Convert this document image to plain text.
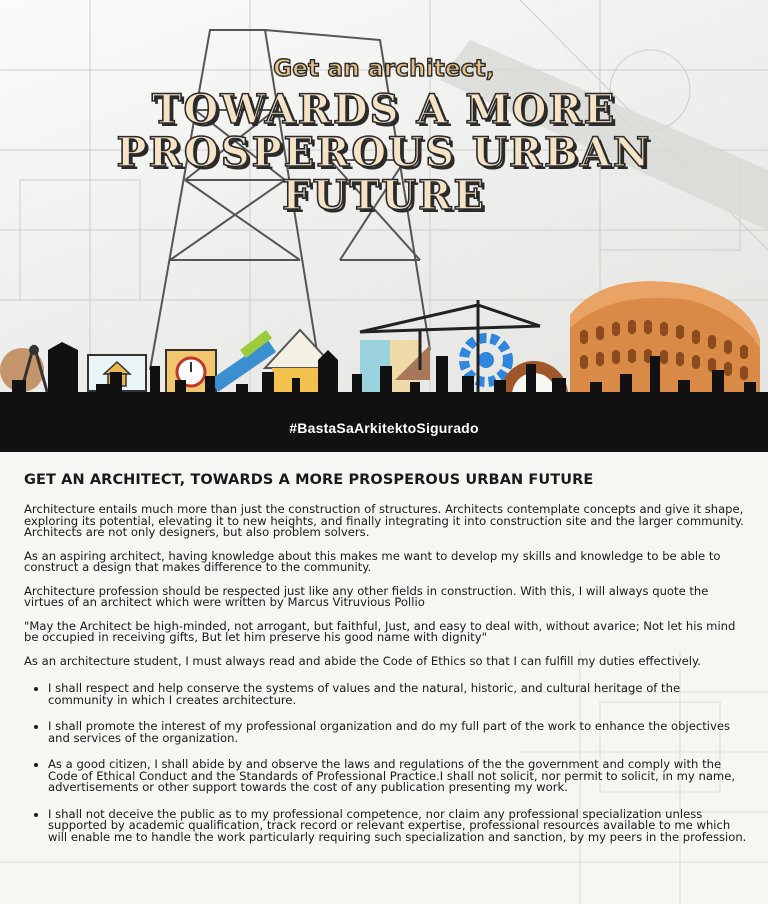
Get an architect,
TOWARDS A MORE
PROSPEROUS URBAN
FUTURE
#BastaSaArkitektoSigurado
GET AN ARCHITECT, TOWARDS A MORE PROSPEROUS URBAN FUTURE

Architecture entails much more than just the construction of structures. Architects contemplate concepts and give it shape, exploring its potential, elevating it to new heights, and finally integrating it into construction site and the larger community. Architects are not only designers, but also problem solvers.

As an aspiring architect, having knowledge about this makes me want to develop my skills and knowledge to be able to construct a design that makes difference to the community.

Architecture profession should be respected just like any other fields in construction. With this, I will always quote the virtues of an architect which were written by Marcus Vitruvious Pollio

"May the Architect be high-minded, not arrogant, but faithful, Just, and easy to deal with, without avarice; Not let his mind be occupied in receiving gifts, But let him preserve his good name with dignity"

As an architecture student, I must always read and abide the Code of Ethics so that I can fulfill my duties effectively.

• I shall respect and help conserve the systems of values and the natural, historic, and cultural heritage of the community in which I creates architecture.
• I shall promote the interest of my professional organization and do my full part of the work to enhance the objectives and services of the organization.
• As a good citizen, I shall abide by and observe the laws and regulations of the the government and comply with the Code of Ethical Conduct and the Standards of Professional Practice.I shall not solicit, nor permit to solicit, in my name, advertisements or other support towards the cost of any publication presenting my work.
• I shall not deceive the public as to my professional competence, nor claim any professional specialization unless supported by academic qualification, track record or relevant expertise, professional resources available to me which will enable me to handle the work particularly requiring such specialization and sanction, by my peers in the profession.
